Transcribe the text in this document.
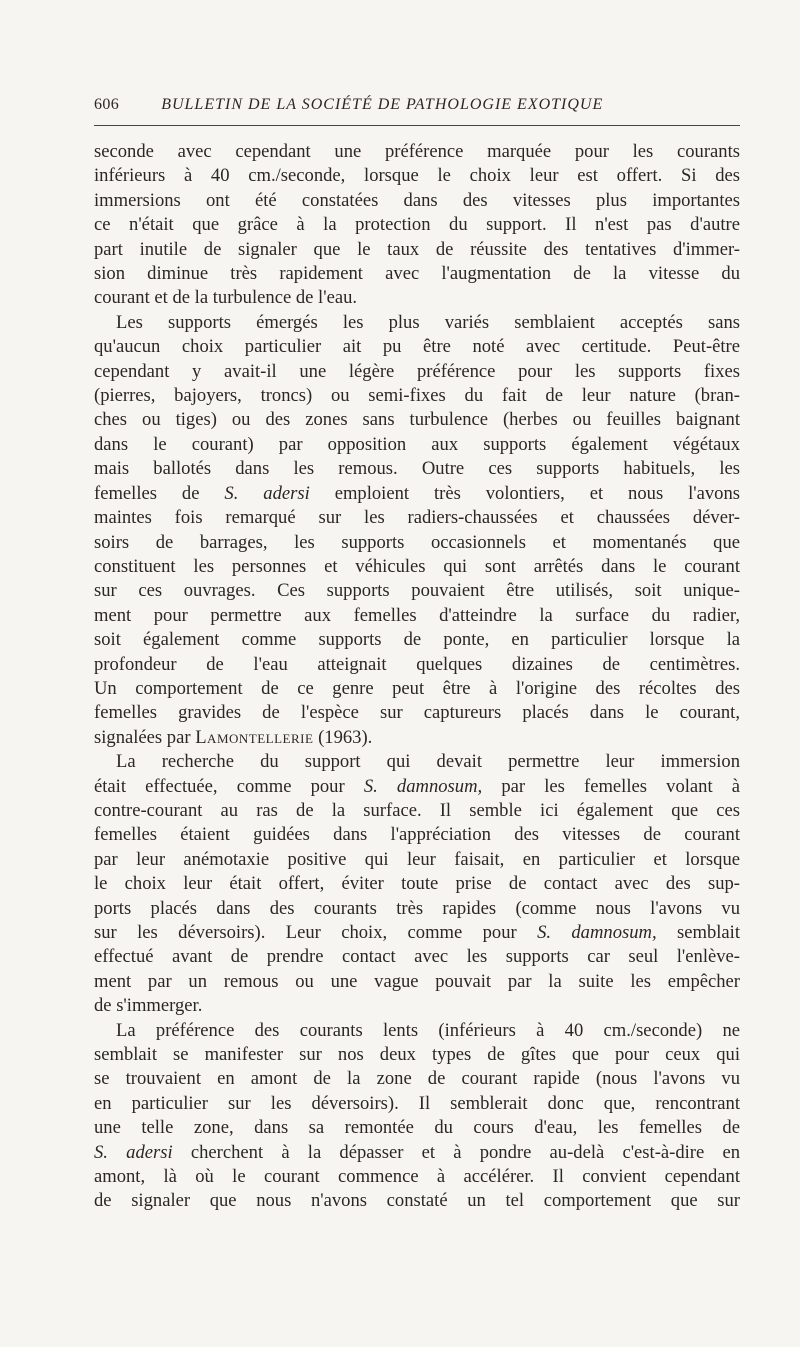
606	BULLETIN DE LA SOCIÉTÉ DE PATHOLOGIE EXOTIQUE

seconde avec cependant une préférence marquée pour les courants

inférieurs à 40 cm./seconde, lorsque le choix leur est offert. Si des

immersions ont été constatées dans des vitesses plus importantes

ce n'était que grâce à la protection du support. Il n'est pas d'autre

part inutile de signaler que le taux de réussite des tentatives d'immer-

sion diminue très rapidement avec l'augmentation de la vitesse du

courant et de la turbulence de l'eau.

Les supports émergés les plus variés semblaient acceptés sans

qu'aucun choix particulier ait pu être noté avec certitude. Peut-être

cependant y avait-il une légère préférence pour les supports fixes

(pierres, bajoyers, troncs) ou semi-fixes du fait de leur nature (bran-

ches ou tiges) ou des zones sans turbulence (herbes ou feuilles baignant

dans le courant) par opposition aux supports également végétaux

mais ballotés dans les remous. Outre ces supports habituels, les

femelles de S. adersi emploient très volontiers, et nous l'avons

maintes fois remarqué sur les radiers-chaussées et chaussées déver-

soirs de barrages, les supports occasionnels et momentanés que

constituent les personnes et véhicules qui sont arrêtés dans le courant

sur ces ouvrages. Ces supports pouvaient être utilisés, soit unique-

ment pour permettre aux femelles d'atteindre la surface du radier,

soit également comme supports de ponte, en particulier lorsque la

profondeur de l'eau atteignait quelques dizaines de centimètres.

Un comportement de ce genre peut être à l'origine des récoltes des

femelles gravides de l'espèce sur captureurs placés dans le courant,

signalées par Lamontellerie (1963).

La recherche du support qui devait permettre leur immersion

était effectuée, comme pour S. damnosum, par les femelles volant à

contre-courant au ras de la surface. Il semble ici également que ces

femelles étaient guidées dans l'appréciation des vitesses de courant

par leur anémotaxie positive qui leur faisait, en particulier et lorsque

le choix leur était offert, éviter toute prise de contact avec des sup-

ports placés dans des courants très rapides (comme nous l'avons vu

sur les déversoirs). Leur choix, comme pour S. damnosum, semblait

effectué avant de prendre contact avec les supports car seul l'enlève-

ment par un remous ou une vague pouvait par la suite les empêcher

de s'immerger.

La préférence des courants lents (inférieurs à 40 cm./seconde) ne

semblait se manifester sur nos deux types de gîtes que pour ceux qui

se trouvaient en amont de la zone de courant rapide (nous l'avons vu

en particulier sur les déversoirs). Il semblerait donc que, rencontrant

une telle zone, dans sa remontée du cours d'eau, les femelles de

S. adersi cherchent à la dépasser et à pondre au-delà c'est-à-dire en

amont, là où le courant commence à accélérer. Il convient cependant

de signaler que nous n'avons constaté un tel comportement que sur
